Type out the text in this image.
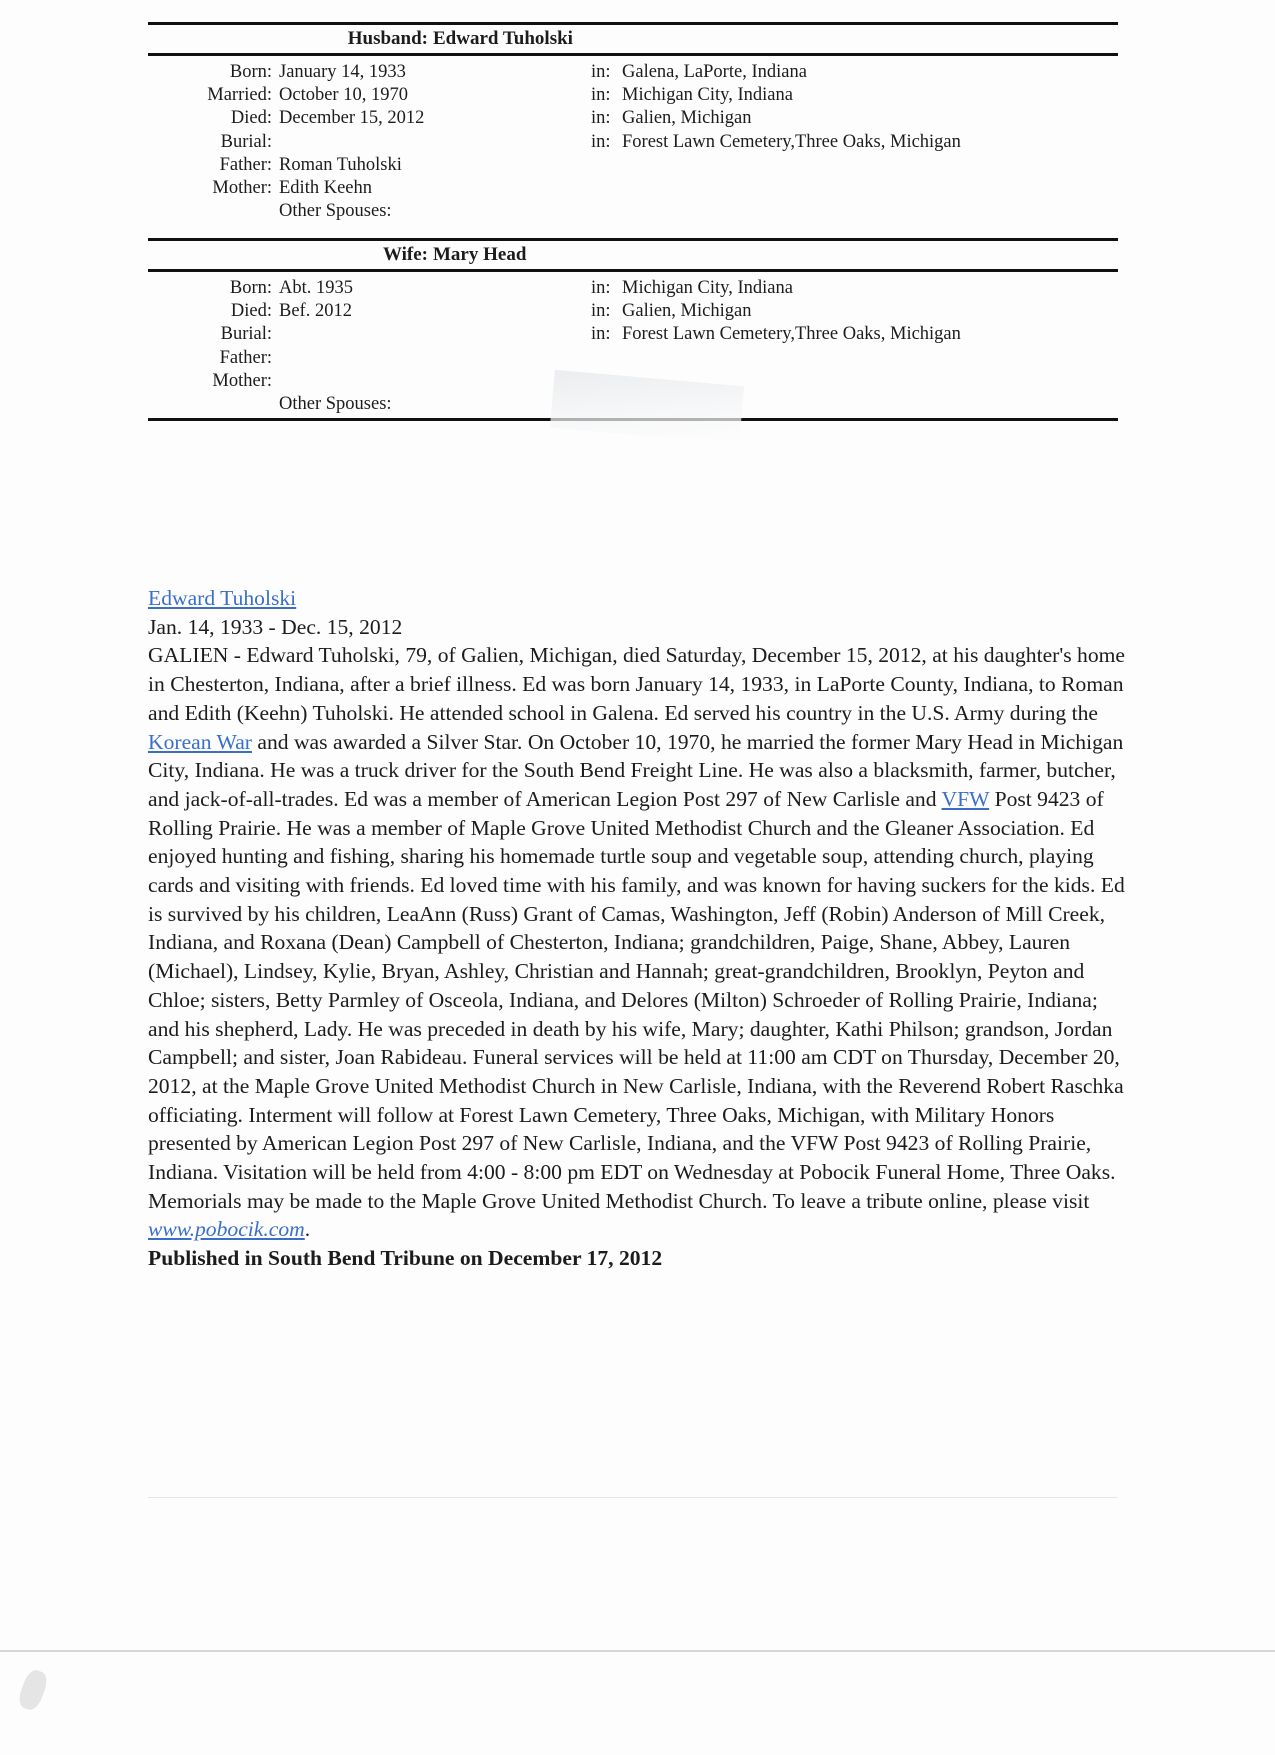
Husband: Edward Tuholski
Born: January 14, 1933	in: Galena, LaPorte, Indiana
Married: October 10, 1970	in: Michigan City, Indiana
Died: December 15, 2012	in: Galien, Michigan
Burial:	in: Forest Lawn Cemetery,Three Oaks, Michigan
Father: Roman Tuholski
Mother: Edith Keehn
Other Spouses:
Wife: Mary Head
Born: Abt. 1935	in: Michigan City, Indiana
Died: Bef. 2012	in: Galien, Michigan
Burial:	in: Forest Lawn Cemetery,Three Oaks, Michigan
Father:
Mother:
Other Spouses:
Edward Tuholski
Jan. 14, 1933 - Dec. 15, 2012
GALIEN - Edward Tuholski, 79, of Galien, Michigan, died Saturday, December 15, 2012, at his daughter's home in Chesterton, Indiana, after a brief illness. Ed was born January 14, 1933, in LaPorte County, Indiana, to Roman and Edith (Keehn) Tuholski. He attended school in Galena. Ed served his country in the U.S. Army during the Korean War and was awarded a Silver Star. On October 10, 1970, he married the former Mary Head in Michigan City, Indiana. He was a truck driver for the South Bend Freight Line. He was also a blacksmith, farmer, butcher, and jack-of-all-trades. Ed was a member of American Legion Post 297 of New Carlisle and VFW Post 9423 of Rolling Prairie. He was a member of Maple Grove United Methodist Church and the Gleaner Association. Ed enjoyed hunting and fishing, sharing his homemade turtle soup and vegetable soup, attending church, playing cards and visiting with friends. Ed loved time with his family, and was known for having suckers for the kids. Ed is survived by his children, LeaAnn (Russ) Grant of Camas, Washington, Jeff (Robin) Anderson of Mill Creek, Indiana, and Roxana (Dean) Campbell of Chesterton, Indiana; grandchildren, Paige, Shane, Abbey, Lauren (Michael), Lindsey, Kylie, Bryan, Ashley, Christian and Hannah; great-grandchildren, Brooklyn, Peyton and Chloe; sisters, Betty Parmley of Osceola, Indiana, and Delores (Milton) Schroeder of Rolling Prairie, Indiana; and his shepherd, Lady. He was preceded in death by his wife, Mary; daughter, Kathi Philson; grandson, Jordan Campbell; and sister, Joan Rabideau. Funeral services will be held at 11:00 am CDT on Thursday, December 20, 2012, at the Maple Grove United Methodist Church in New Carlisle, Indiana, with the Reverend Robert Raschka officiating. Interment will follow at Forest Lawn Cemetery, Three Oaks, Michigan, with Military Honors presented by American Legion Post 297 of New Carlisle, Indiana, and the VFW Post 9423 of Rolling Prairie, Indiana. Visitation will be held from 4:00 - 8:00 pm EDT on Wednesday at Pobocik Funeral Home, Three Oaks. Memorials may be made to the Maple Grove United Methodist Church. To leave a tribute online, please visit www.pobocik.com.
Published in South Bend Tribune on December 17, 2012
